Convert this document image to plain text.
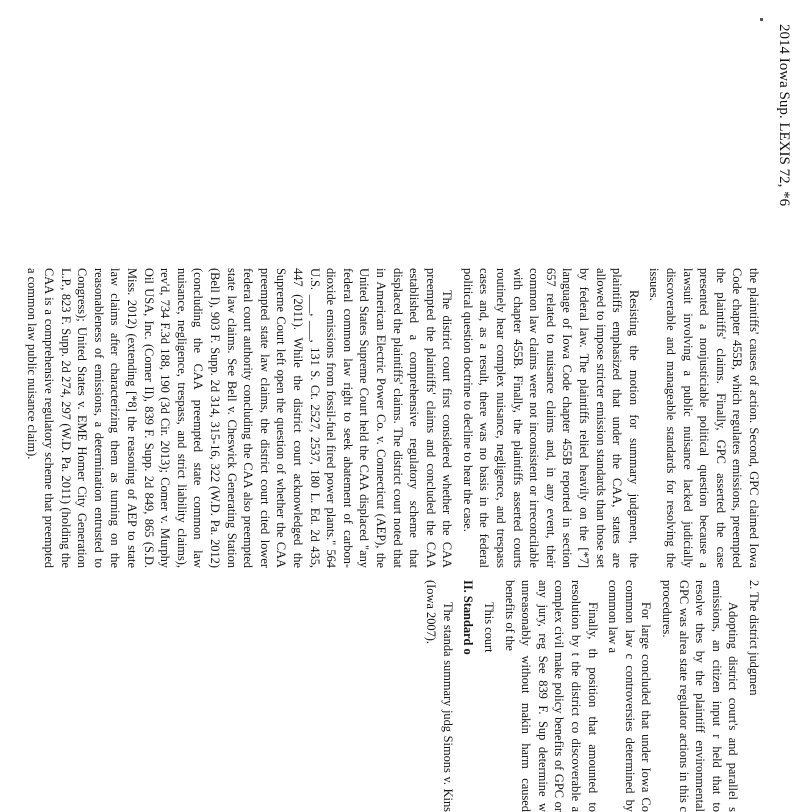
2014 Iowa Sup. LEXIS 72, *6

the plaintiffs' causes of action. Second, GPC claimed Iowa Code chapter 455B, which regulates emissions, preempted the plaintiffs' claims. Finally, GPC asserted the case presented a nonjusticiable political question because a lawsuit involving a public nuisance lacked judicially discoverable and manageable standards for resolving the issues.

Resisting the motion for summary judgment, the plaintiffs emphasized that under the CAA, states are allowed to impose stricter emission standards than those set by federal law. The plaintiffs relied heavily on the [*7] language of Iowa Code chapter 455B reported in section 657 related to nuisance claims and, in any event, their common law claims were not inconsistent or irreconcilable with chapter 455B. Finally, the plaintiffs asserted courts routinely hear complex nuisance, negligence, and trespass cases and, as a result, there was no basis in the federal political question doctrine to decline to hear the case.

The district court first considered whether the CAA preempted the plaintiffs' claims and concluded the CAA established a comprehensive regulatory scheme that displaced the plaintiffs' claims. The district court noted that in American Electric Power Co. v. Connecticut (AEP), the United States Supreme Court held the CAA displaced "any federal common law right to seek abatement of carbon-dioxide emissions from fossil-fuel fired power plants." 564 U.S. ___, ___, 131 S. Ct. 2527, 2537, 180 L. Ed. 2d 435, 447 (2011). While the district court acknowledged the Supreme Court left open the question of whether the CAA preempted state law claims, the district court cited lower federal court authority concluding the CAA also preempted state law claims. See Bell v. Cheswick Generating Station (Bell I), 903 F. Supp. 2d 314, 315-16, 322 (W.D. Pa. 2012) (concluding the CAA preempted state common law nuisance, negligence, trespass, and strict liability claims), rev'd, 734 F.3d 188, 190 (3d Cir. 2013); Comer v. Murphy Oil USA, Inc. (Comer II), 839 F. Supp. 2d 849, 865 (S.D. Miss. 2012) (extending [*8] the reasoning of AEP to state law claims after characterizing them as turning on the reasonableness of emissions, a determination entrusted to Congress); United States v. EME Homer City Generation L.P., 823 F. Supp. 2d 274, 297 (W.D. Pa. 2011) (holding the CAA is a comprehensive regulatory scheme that preempted a common law public nuisance claim).

2. The district judgmen

Adopting district court's and parallel s emissions, an citizen input r held that to resolve thes by the plaintiff environmental GPC was alrea state regulator actions in this c procedures.

For large concluded that under Iowa Co common law c controversies determined by common law a

Finally, th position that amounted to resolution by t the district co discoverable a complex civil make policy benefits of GPC or any jury, reg See 839 F. Sup determine w unreasonably without makin harm caused benefits of the

This court

II. Standard o

The standa summary judg Simons v. Kins (Iowa 2007).
